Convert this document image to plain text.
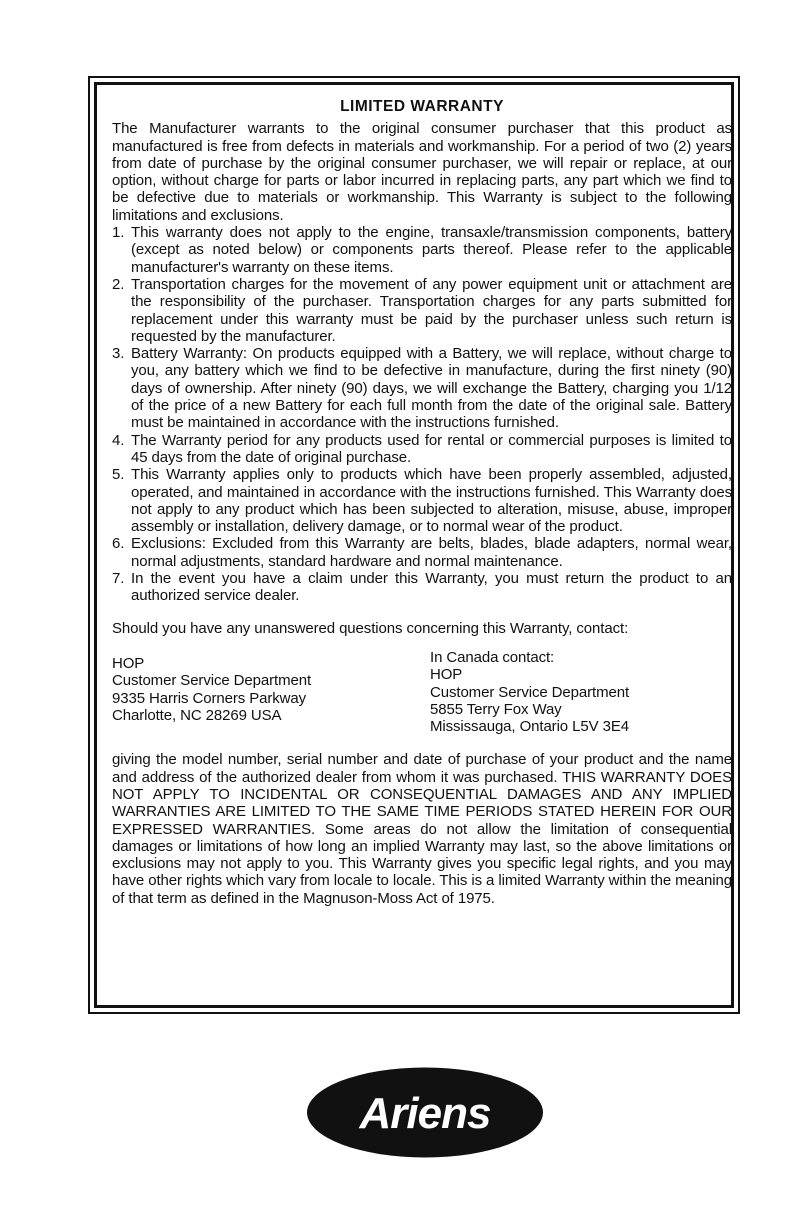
LIMITED WARRANTY

The Manufacturer warrants to the original consumer purchaser that this product as manufactured is free from defects in materials and workmanship. For a period of two (2) years from date of purchase by the original consumer purchaser, we will repair or replace, at our option, without charge for parts or labor incurred in replacing parts, any part which we find to be defective due to materials or workmanship. This Warranty is subject to the following limitations and exclusions.

1. This warranty does not apply to the engine, transaxle/transmission components, battery (except as noted below) or components parts thereof. Please refer to the applicable manufacturer's warranty on these items.
2. Transportation charges for the movement of any power equipment unit or attachment are the responsibility of the purchaser. Transportation charges for any parts submitted for replacement under this warranty must be paid by the purchaser unless such return is requested by the manufacturer.
3. Battery Warranty: On products equipped with a Battery, we will replace, without charge to you, any battery which we find to be defective in manufacture, during the first ninety (90) days of ownership. After ninety (90) days, we will exchange the Battery, charging you 1/12 of the price of a new Battery for each full month from the date of the original sale. Battery must be maintained in accordance with the instructions furnished.
4. The Warranty period for any products used for rental or commercial purposes is limited to 45 days from the date of original purchase.
5. This Warranty applies only to products which have been properly assembled, adjusted, operated, and maintained in accordance with the instructions furnished. This Warranty does not apply to any product which has been subjected to alteration, misuse, abuse, improper assembly or installation, delivery damage, or to normal wear of the product.
6. Exclusions: Excluded from this Warranty are belts, blades, blade adapters, normal wear, normal adjustments, standard hardware and normal maintenance.
7. In the event you have a claim under this Warranty, you must return the product to an authorized service dealer.

Should you have any unanswered questions concerning this Warranty, contact:

HOP
Customer Service Department
9335 Harris Corners Parkway
Charlotte, NC 28269 USA
In Canada contact:
HOP
Customer Service Department
5855 Terry Fox Way
Mississauga, Ontario L5V 3E4

giving the model number, serial number and date of purchase of your product and the name and address of the authorized dealer from whom it was purchased. THIS WARRANTY DOES NOT APPLY TO INCIDENTAL OR CONSEQUENTIAL DAMAGES AND ANY IMPLIED WARRANTIES ARE LIMITED TO THE SAME TIME PERIODS STATED HEREIN FOR OUR EXPRESSED WARRANTIES. Some areas do not allow the limitation of consequential damages or limitations of how long an implied Warranty may last, so the above limitations or exclusions may not apply to you. This Warranty gives you specific legal rights, and you may have other rights which vary from locale to locale. This is a limited Warranty within the meaning of that term as defined in the Magnuson-Moss Act of 1975.

Ariens
